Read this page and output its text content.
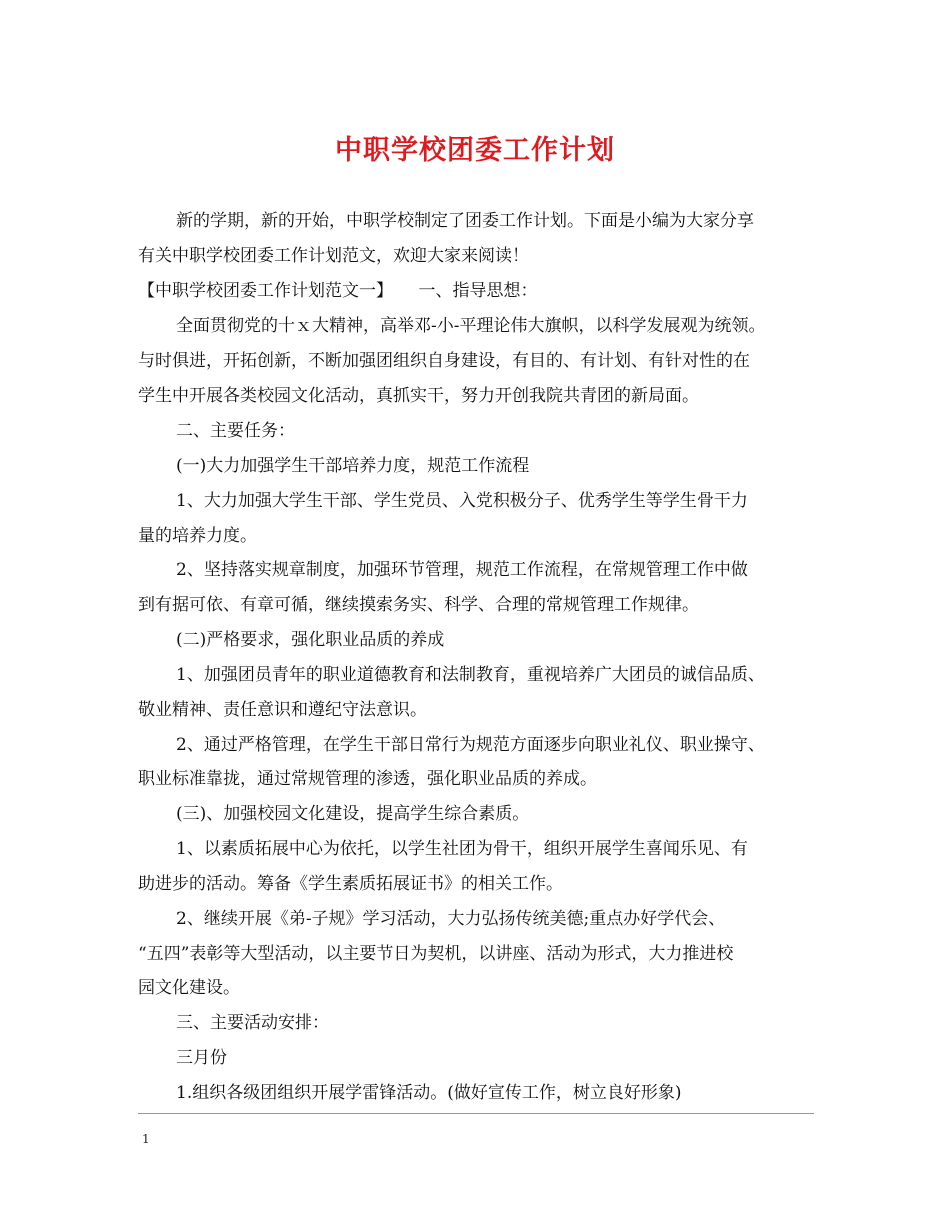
中职学校团委工作计划
新的学期，新的开始，中职学校制定了团委工作计划。下面是小编为大家分享
有关中职学校团委工作计划范文，欢迎大家来阅读！
【中职学校团委工作计划范文一】　　一、指导思想：
全面贯彻党的十ｘ大精神，高举邓-小-平理论伟大旗帜，以科学发展观为统领。
与时俱进，开拓创新，不断加强团组织自身建设，有目的、有计划、有针对性的在
学生中开展各类校园文化活动，真抓实干，努力开创我院共青团的新局面。
二、主要任务：
(一)大力加强学生干部培养力度，规范工作流程
1、大力加强大学生干部、学生党员、入党积极分子、优秀学生等学生骨干力
量的培养力度。
2、坚持落实规章制度，加强环节管理，规范工作流程，在常规管理工作中做
到有据可依、有章可循，继续摸索务实、科学、合理的常规管理工作规律。
(二)严格要求，强化职业品质的养成
1、加强团员青年的职业道德教育和法制教育，重视培养广大团员的诚信品质、
敬业精神、责任意识和遵纪守法意识。
2、通过严格管理，在学生干部日常行为规范方面逐步向职业礼仪、职业操守、
职业标准靠拢，通过常规管理的渗透，强化职业品质的养成。
(三)、加强校园文化建设，提高学生综合素质。
1、以素质拓展中心为依托，以学生社团为骨干，组织开展学生喜闻乐见、有
助进步的活动。筹备《学生素质拓展证书》的相关工作。
2、继续开展《弟-子规》学习活动，大力弘扬传统美德;重点办好学代会、
“五四”表彰等大型活动，以主要节日为契机，以讲座、活动为形式，大力推进校
园文化建设。
三、主要活动安排：
三月份
1.组织各级团组织开展学雷锋活动。(做好宣传工作，树立良好形象)
1
